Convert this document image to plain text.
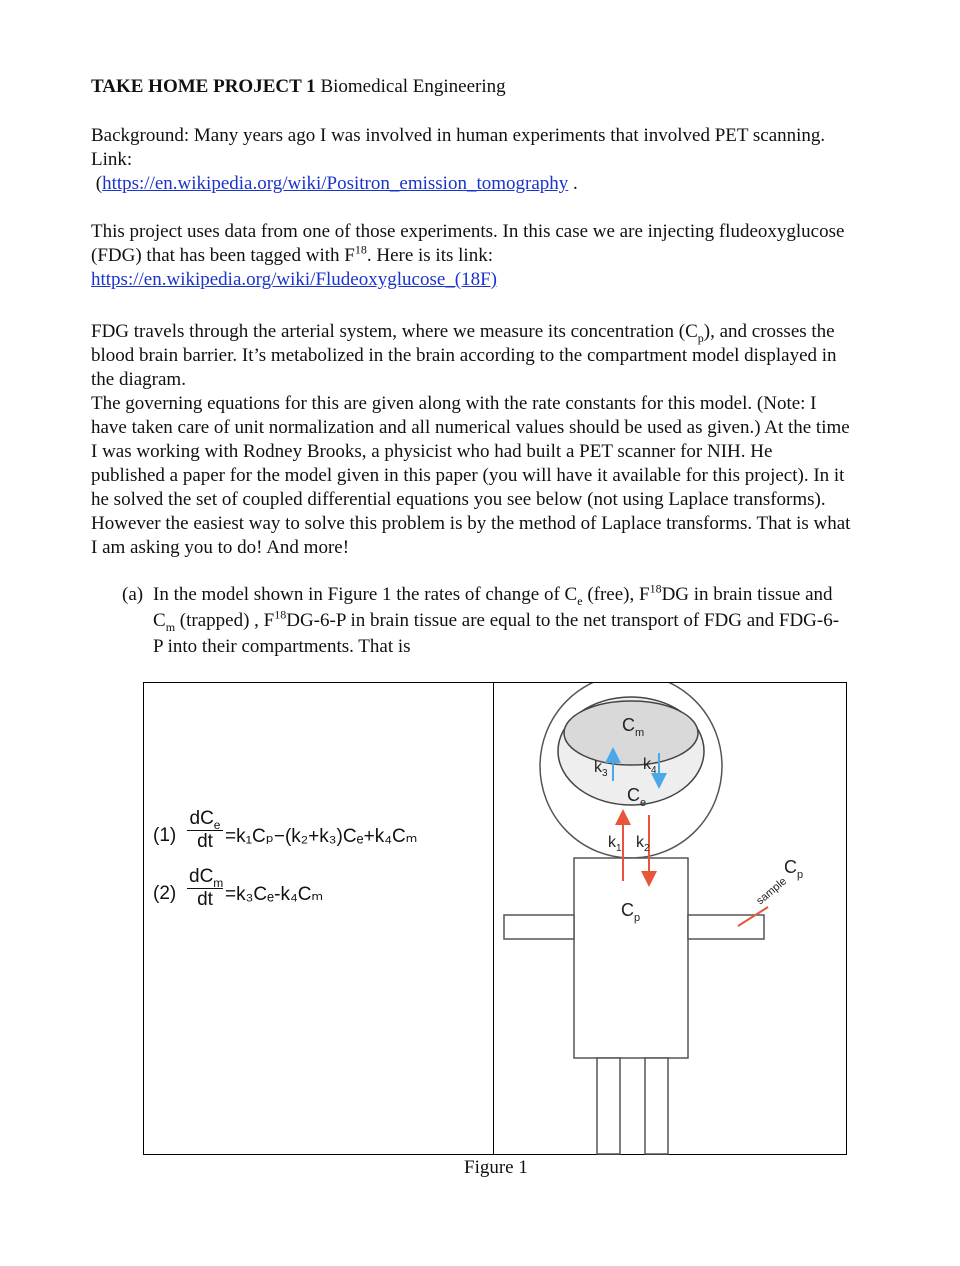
TAKE HOME PROJECT 1 Biomedical Engineering

Background: Many years ago I was involved in human experiments that involved PET scanning. Link:
(https://en.wikipedia.org/wiki/Positron_emission_tomography .

This project uses data from one of those experiments. In this case we are injecting fludeoxyglucose (FDG) that has been tagged with $F^{18}$. Here is its link:
https://en.wikipedia.org/wiki/Fludeoxyglucose_(18F)

FDG travels through the arterial system, where we measure its concentration $(C_p)$, and crosses the blood brain barrier. It’s metabolized in the brain according to the compartment model displayed in the diagram.
The governing equations for this are given along with the rate constants for this model. (Note: I have taken care of unit normalization and all numerical values should be used as given.) At the time I was working with Rodney Brooks, a physicist who had built a PET scanner for NIH. He published a paper for the model given in this paper (you will have it available for this project). In it he solved the set of coupled differential equations you see below (not using Laplace transforms). However the easiest way to solve this problem is by the method of Laplace transforms. That is what I am asking you to do! And more!

(a) In the model shown in Figure 1 the rates of change of $C_e$ (free), $F^{18}DG$ in brain tissue and $C_m$ (trapped) , $F^{18}DG-6-P$ in brain tissue are equal to the net transport of FDG and FDG-6-P into their compartments. That is
(1)
$dC_e$
dt =k₁Cₚ−(k₂+k₃)Cₑ+k₄Cₘ
(2)
$dC_m$
dt =k₃Cₑ-k₄Cₘ
$C_m$
$C_e$
$C_p$
$k_3$
$k_4$
$k_1$ $k_2$
$C_p$
sample
Figure 1
